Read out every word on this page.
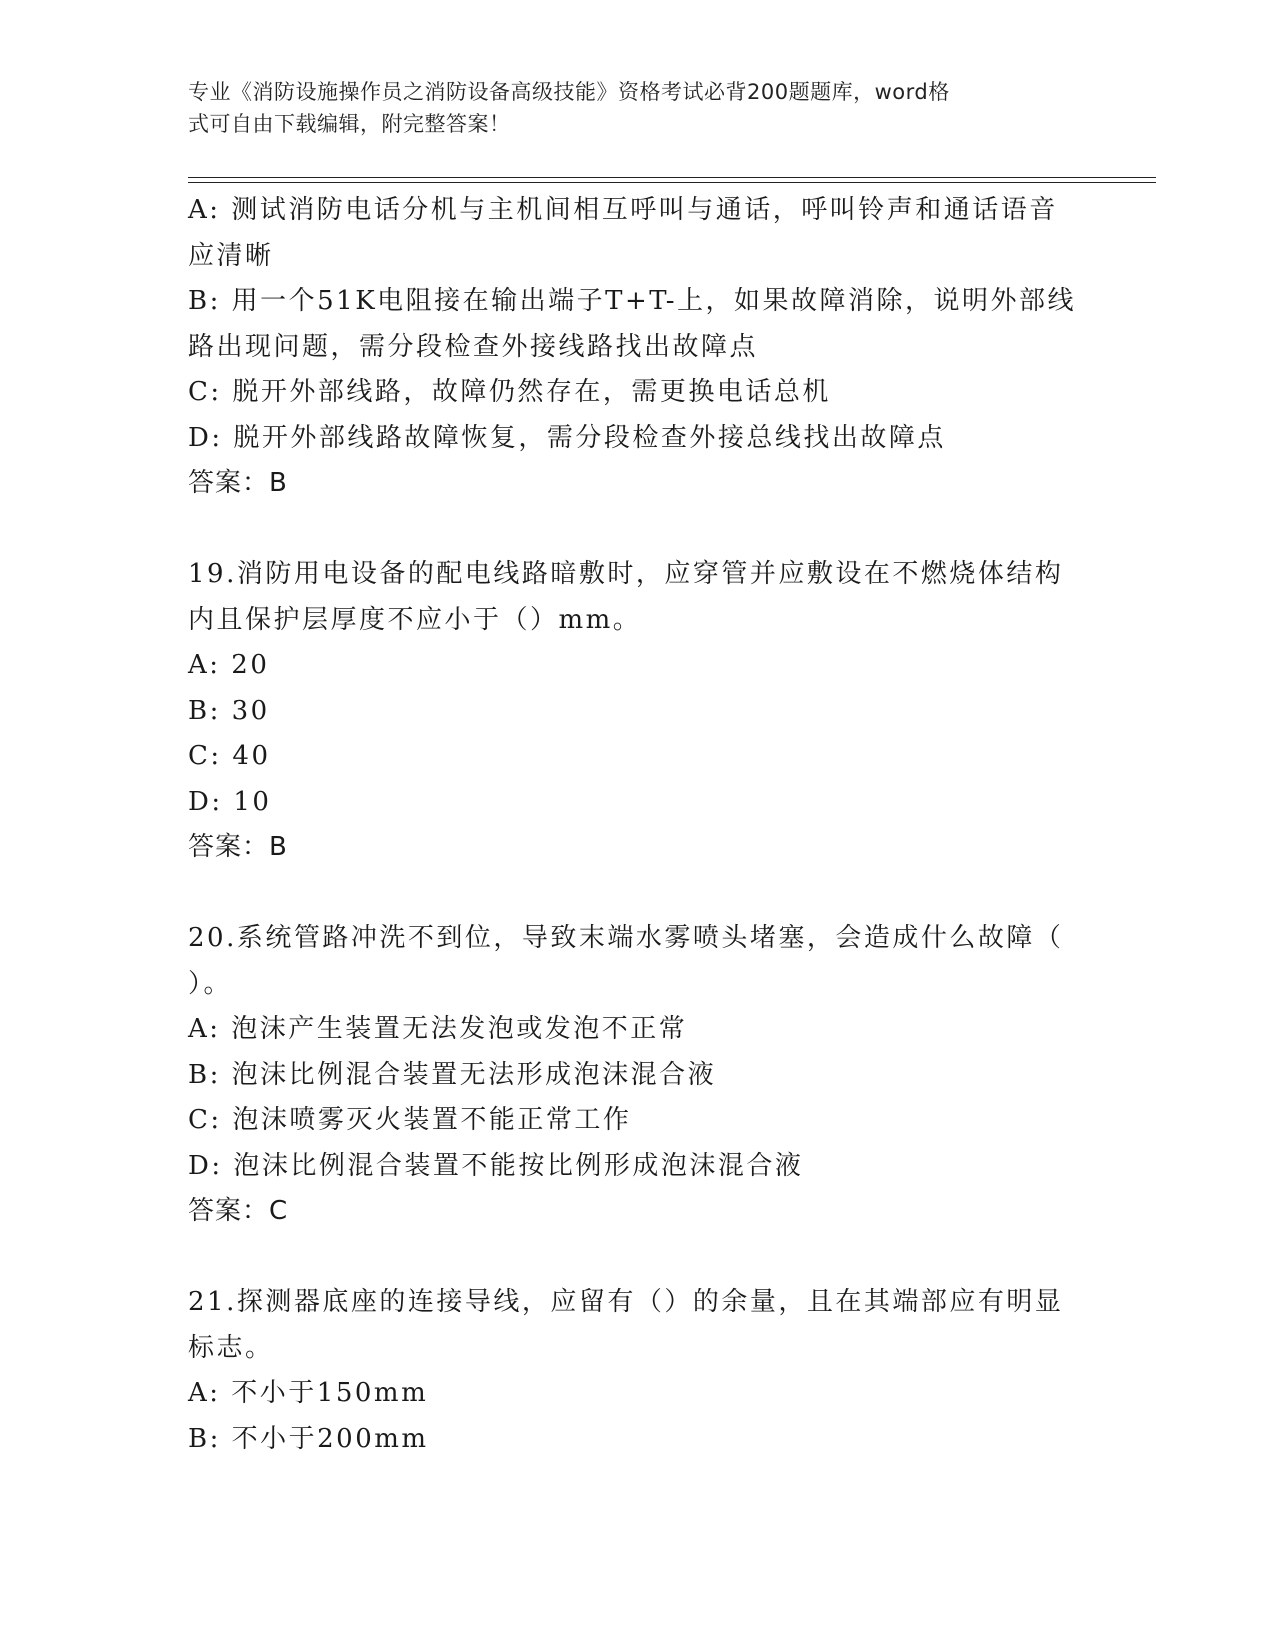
专业《消防设施操作员之消防设备高级技能》资格考试必背200题题库，word格
式可自由下载编辑，附完整答案！
A: 测试消防电话分机与主机间相互呼叫与通话，呼叫铃声和通话语音
应清晰
B: 用一个51K电阻接在输出端子T+T-上，如果故障消除，说明外部线
路出现问题，需分段检查外接线路找出故障点
C: 脱开外部线路，故障仍然存在，需更换电话总机
D: 脱开外部线路故障恢复，需分段检查外接总线找出故障点
答案：B
19.消防用电设备的配电线路暗敷时，应穿管并应敷设在不燃烧体结构
内且保护层厚度不应小于（）mm。
A: 20
B: 30
C: 40
D: 10
答案：B
20.系统管路冲洗不到位，导致末端水雾喷头堵塞，会造成什么故障（
）。
A: 泡沫产生装置无法发泡或发泡不正常
B: 泡沫比例混合装置无法形成泡沫混合液
C: 泡沫喷雾灭火装置不能正常工作
D: 泡沫比例混合装置不能按比例形成泡沫混合液
答案：C
21.探测器底座的连接导线，应留有（）的余量，且在其端部应有明显
标志。
A: 不小于150mm
B: 不小于200mm
